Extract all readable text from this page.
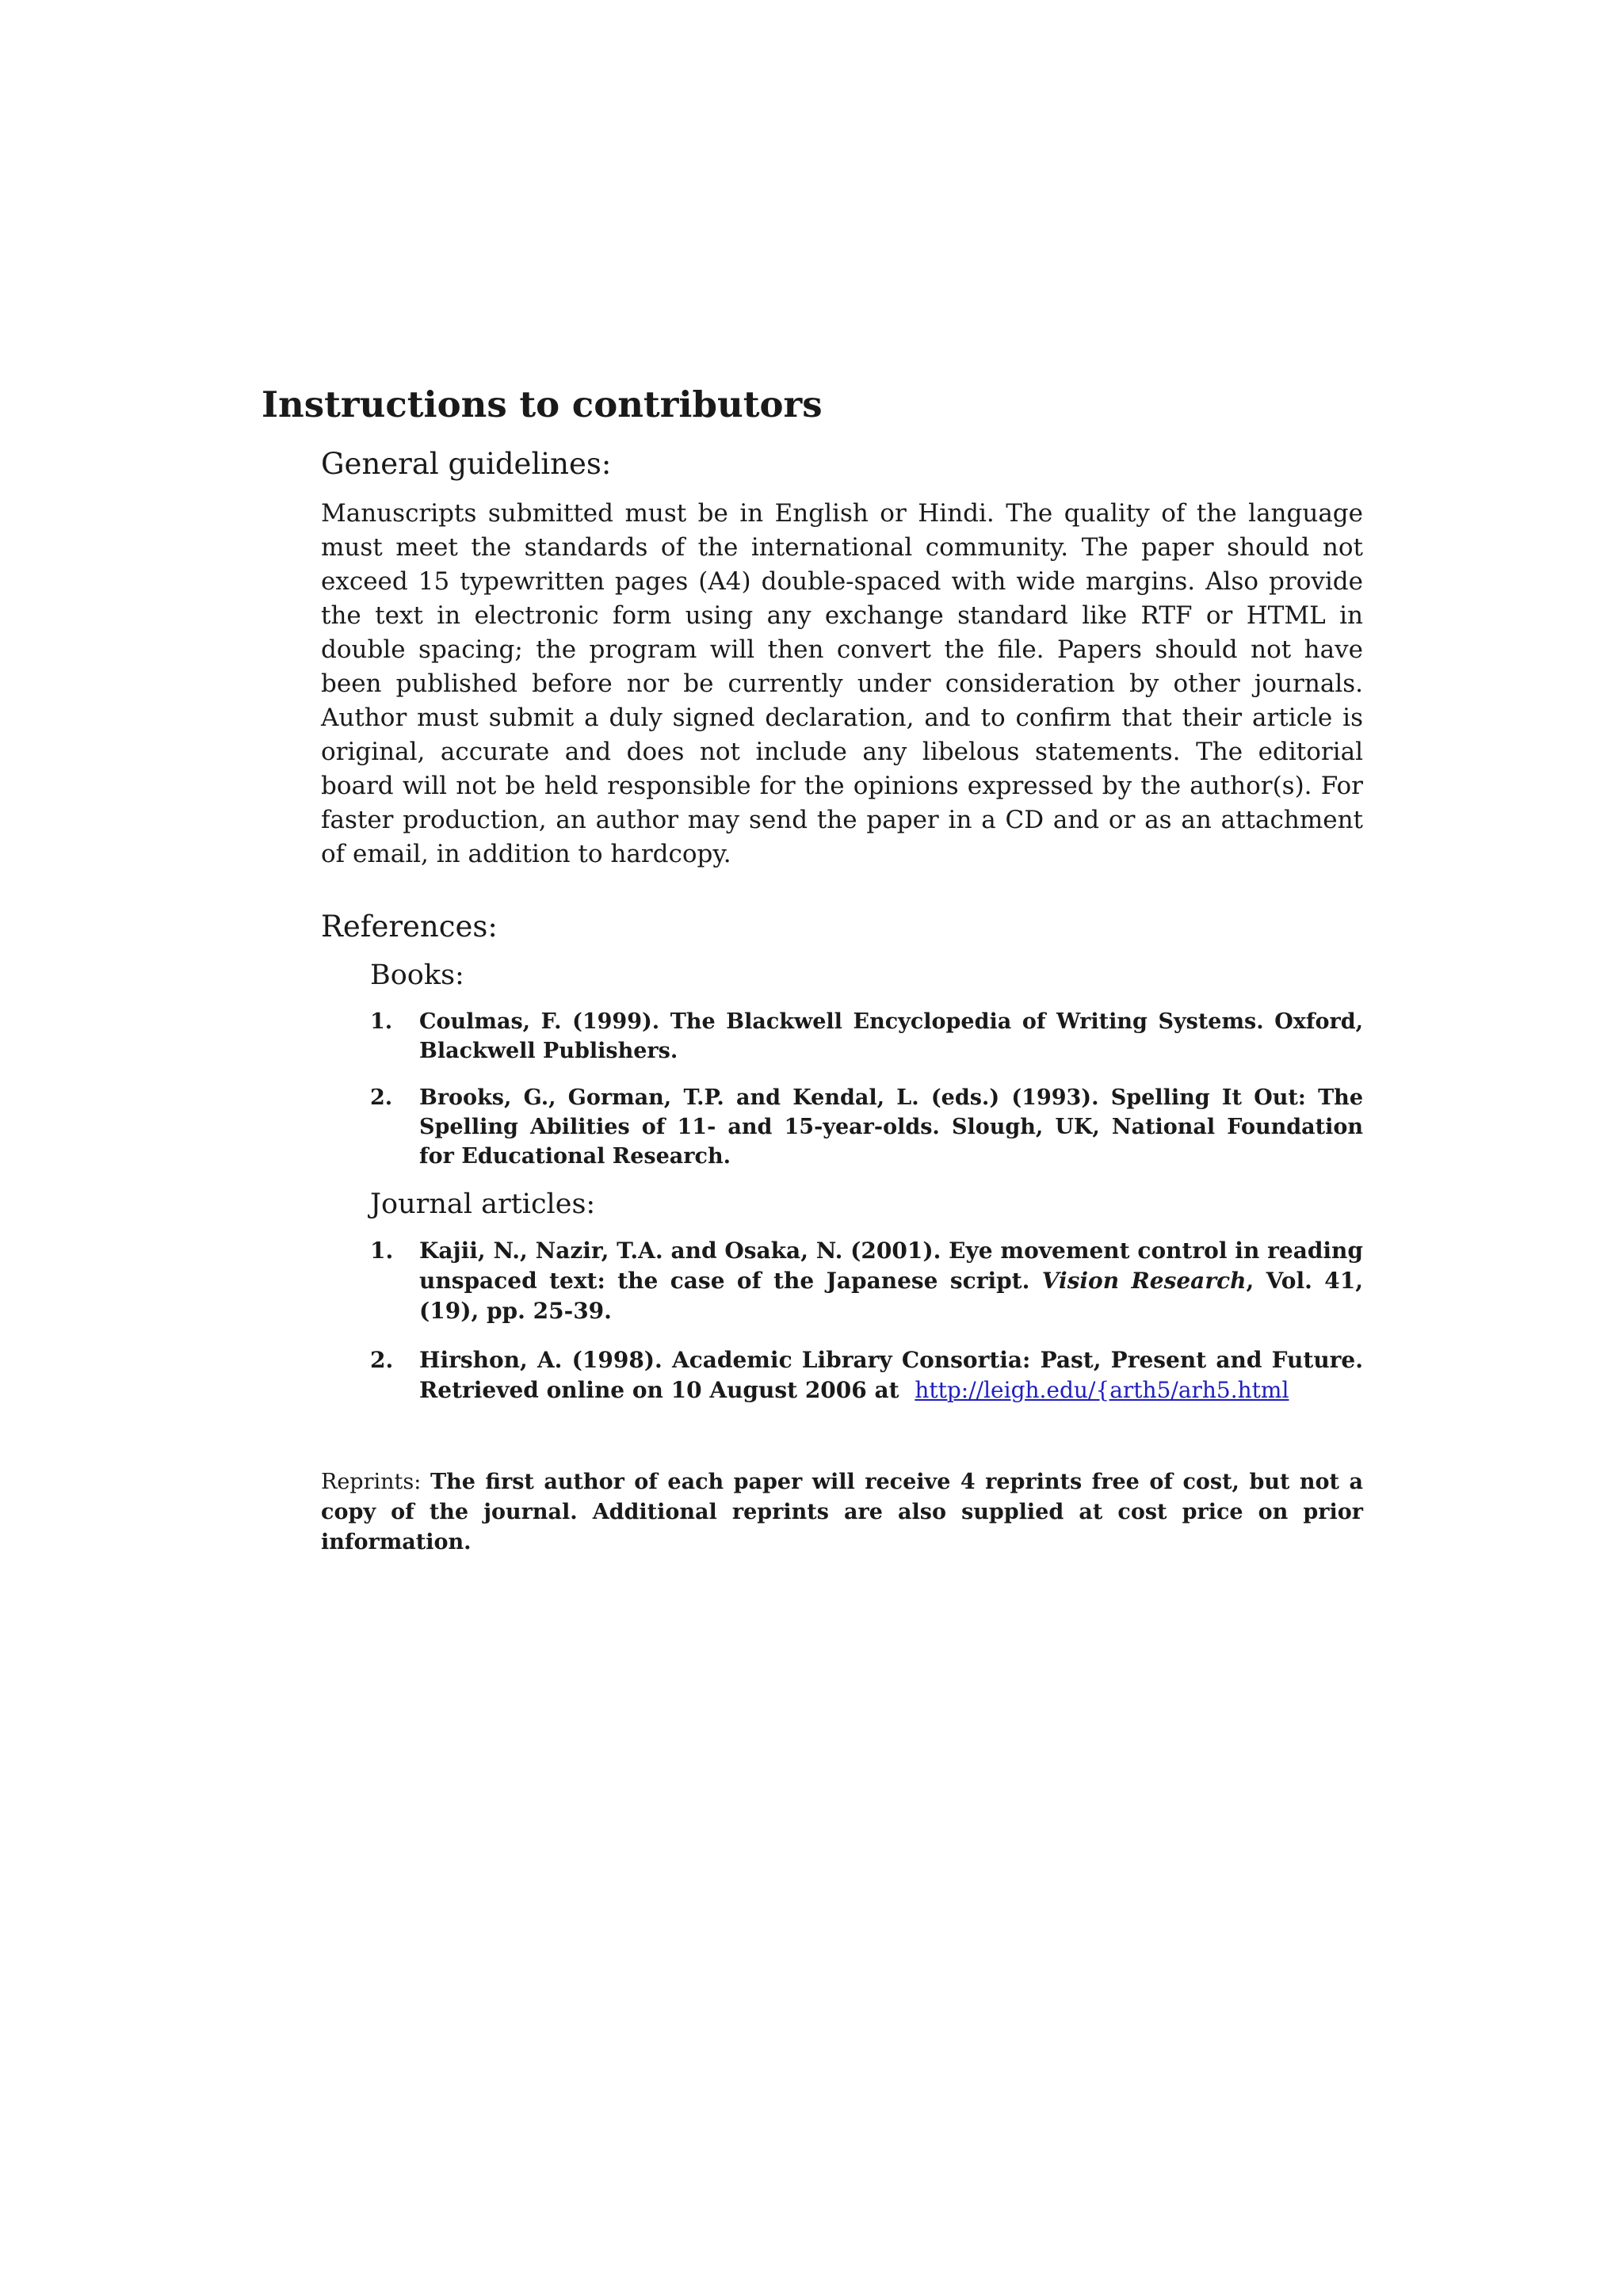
Instructions to contributors
General guidelines:

Manuscripts submitted must be in English or Hindi. The quality of the language must meet the standards of the international community. The paper should not exceed 15 typewritten pages (A4) double-spaced with wide margins. Also provide the text in electronic form using any exchange standard like RTF or HTML in double spacing; the program will then convert the file. Papers should not have been published before nor be currently under consideration by other journals. Author must submit a duly signed declaration, and to confirm that their article is original, accurate and does not include any libelous statements. The editorial board will not be held responsible for the opinions expressed by the author(s). For faster production, an author may send the paper in a CD and or as an attachment of email, in addition to hardcopy.

References:
Books:
1. Coulmas, F. (1999). The Blackwell Encyclopedia of Writing Systems. Oxford, Blackwell Publishers.
2. Brooks, G., Gorman, T.P. and Kendal, L. (eds.) (1993). Spelling It Out: The Spelling Abilities of 11- and 15-year-olds. Slough, UK, National Foundation for Educational Research.
Journal articles:
1. Kajii, N., Nazir, T.A. and Osaka, N. (2001). Eye movement control in reading unspaced text: the case of the Japanese script. Vision Research, Vol. 41, (19), pp. 25-39.
2. Hirshon, A. (1998). Academic Library Consortia: Past, Present and Future. Retrieved online on 10 August 2006 at http://leigh.edu/{arth5/arh5.html

Reprints: The first author of each paper will receive 4 reprints free of cost, but not a copy of the journal. Additional reprints are also supplied at cost price on prior information.
